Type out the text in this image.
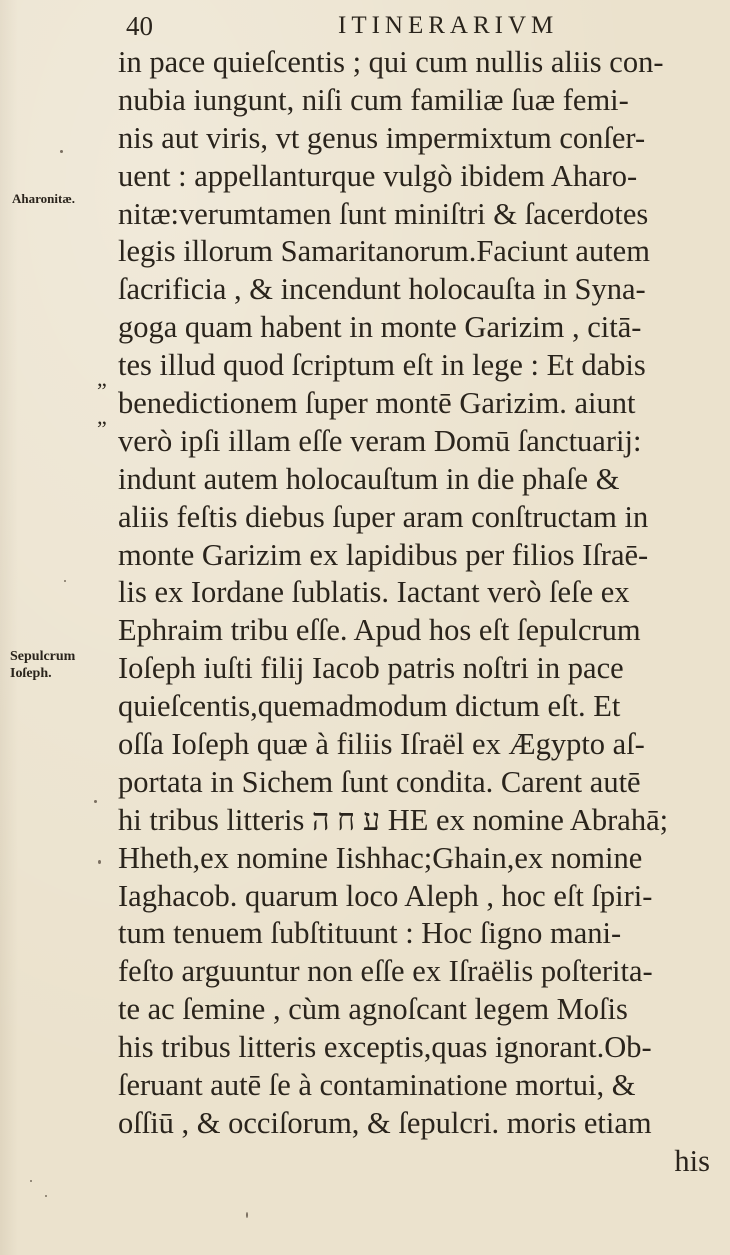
40	ITINERARIVM
Aharonitæ.
Sepulcrum Ioſeph.
„
„
in pace quieſcentis ; qui cum nullis aliis con-
nubia iungunt, niſi cum familiæ ſuæ femi-
nis aut viris, vt genus impermixtum conſer-
uent : appellanturque vulgò ibidem Aharo-
nitæ:verumtamen ſunt miniſtri & ſacerdotes
legis illorum Samaritanorum.Faciunt autem
ſacrificia , & incendunt holocauſta in Syna-
goga quam habent in monte Garizim , citā-
tes illud quod ſcriptum eſt in lege : Et dabis
benedictionem ſuper montē Garizim. aiunt
verò ipſi illam eſſe veram Domū ſanctuarij:
indunt autem holocauſtum in die phaſe &
aliis feſtis diebus ſuper aram conſtructam in
monte Garizim ex lapidibus per filios Iſraē-
lis ex Iordane ſublatis. Iactant verò ſeſe ex
Ephraim tribu eſſe. Apud hos eſt ſepulcrum
Ioſeph iuſti filij Iacob patris noſtri in pace
quieſcentis,quemadmodum dictum eſt. Et
oſſa Ioſeph quæ à filiis Iſraël ex Ægypto aſ-
portata in Sichem ſunt condita. Carent autē
hi tribus litteris ע ח ה HE ex nomine Abrahā;
Hheth,ex nomine Iishhac;Ghain,ex nomine
Iaghacob. quarum loco Aleph , hoc eſt ſpiri-
tum tenuem ſubſtituunt : Hoc ſigno mani-
feſto arguuntur non eſſe ex Iſraëlis poſterita-
te ac ſemine , cùm agnoſcant legem Moſis
his tribus litteris exceptis,quas ignorant.Ob-
ſeruant autē ſe à contaminatione mortui, &
oſſiū , & occiſorum, & ſepulcri. moris etiam
his
